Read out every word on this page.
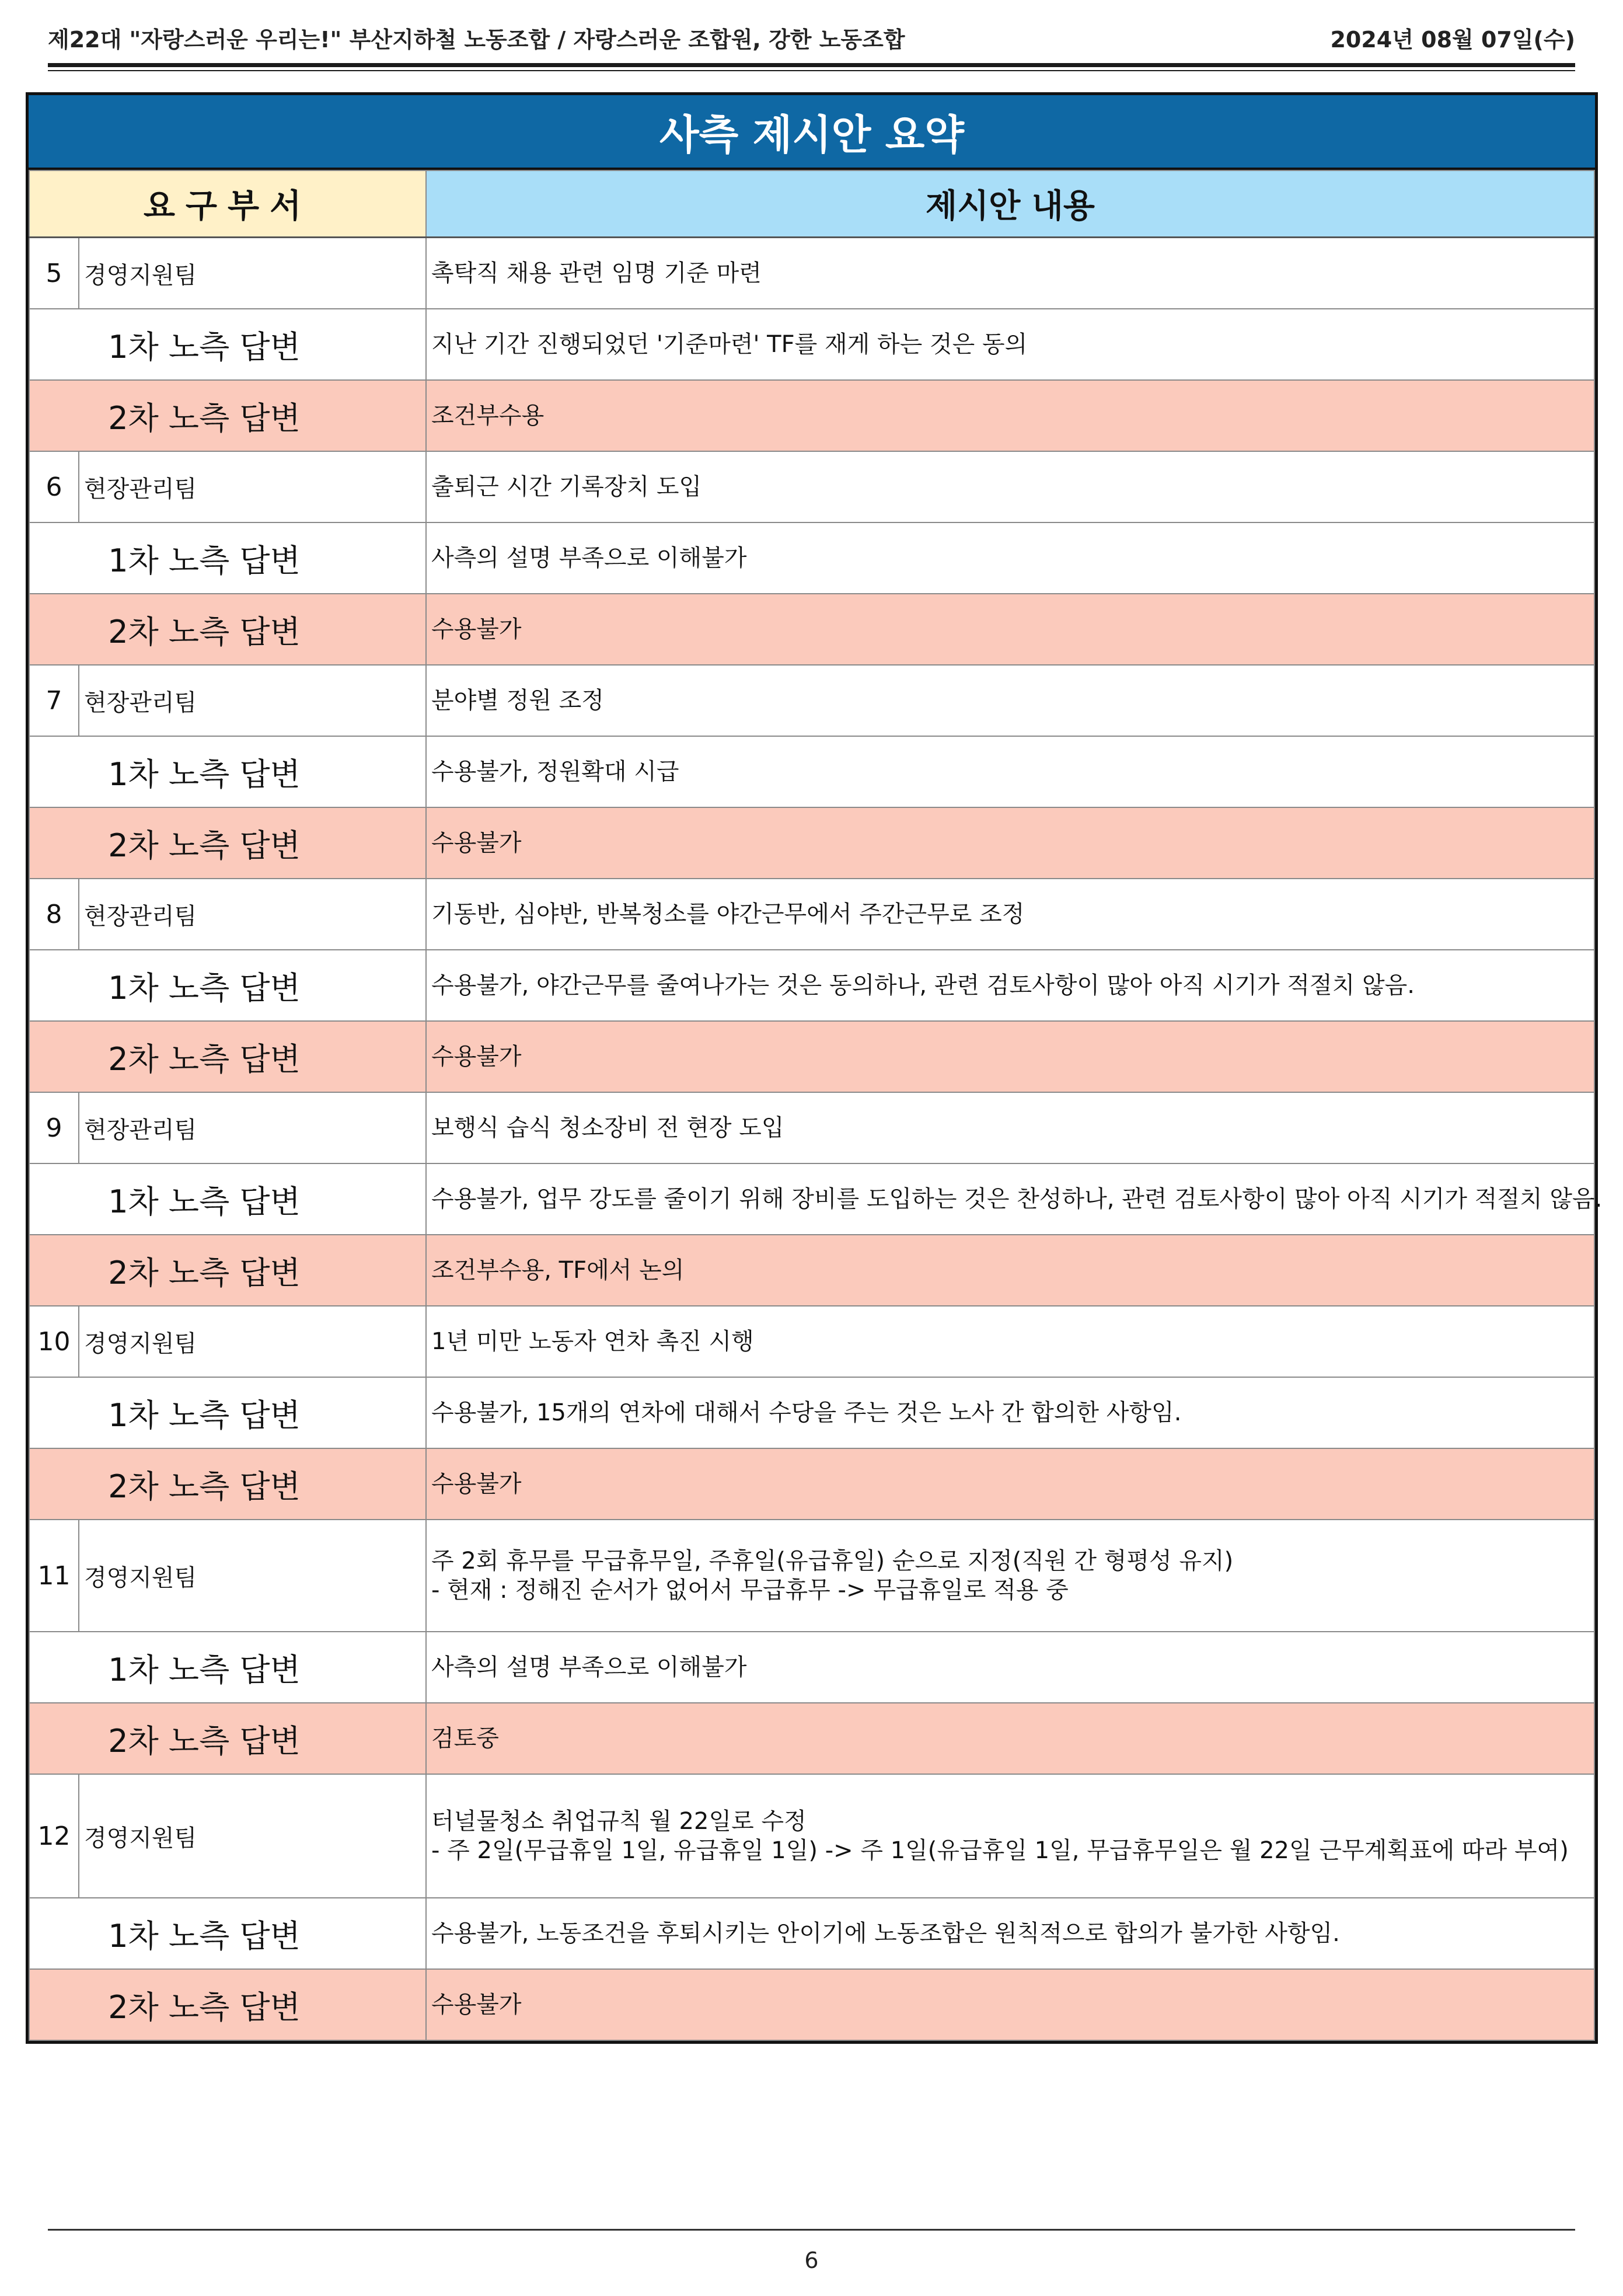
제22대 "자랑스러운 우리는!" 부산지하철 노동조합 / 자랑스러운 조합원, 강한 노동조합	2024년 08월 07일(수)
사측 제시안 요약
요구부서		제시안 내용
5	경영지원팀	촉탁직 채용 관련 임명 기준 마련

1차 노측 답변		지난 기간 진행되었던 '기준마련' TF를 재게 하는 것은 동의

2차 노측 답변		조건부수용

6	현장관리팀	출퇴근 시간 기록장치 도입

1차 노측 답변		사측의 설명 부족으로 이해불가

2차 노측 답변		수용불가

7	현장관리팀	분야별 정원 조정

1차 노측 답변		수용불가, 정원확대 시급

2차 노측 답변		수용불가

8	현장관리팀	기동반, 심야반, 반복청소를 야간근무에서 주간근무로 조정

1차 노측 답변		수용불가, 야간근무를 줄여나가는 것은 동의하나, 관련 검토사항이 많아 아직 시기가 적절치 않음.

2차 노측 답변		수용불가

9	현장관리팀	보행식 습식 청소장비 전 현장 도입

1차 노측 답변		수용불가, 업무 강도를 줄이기 위해 장비를 도입하는 것은 찬성하나, 관련 검토사항이 많아 아직 시기가 적절치 않음.

2차 노측 답변		조건부수용, TF에서 논의

10	경영지원팀	1년 미만 노동자 연차 촉진 시행

1차 노측 답변		수용불가, 15개의 연차에 대해서 수당을 주는 것은 노사 간 합의한 사항임.

2차 노측 답변		수용불가

11	경영지원팀	주 2회 휴무를 무급휴무일, 주휴일(유급휴일) 순으로 지정(직원 간 형평성 유지)
- 현재 : 정해진 순서가 없어서 무급휴무 -> 무급휴일로 적용 중

1차 노측 답변		사측의 설명 부족으로 이해불가

2차 노측 답변		검토중

12	경영지원팀	터널물청소 취업규칙 월 22일로 수정
- 주 2일(무급휴일 1일, 유급휴일 1일) -> 주 1일(유급휴일 1일, 무급휴무일은 월 22일 근무계획표에 따라 부여)

1차 노측 답변		수용불가, 노동조건을 후퇴시키는 안이기에 노동조합은 원칙적으로 합의가 불가한 사항임.

2차 노측 답변		수용불가
6
